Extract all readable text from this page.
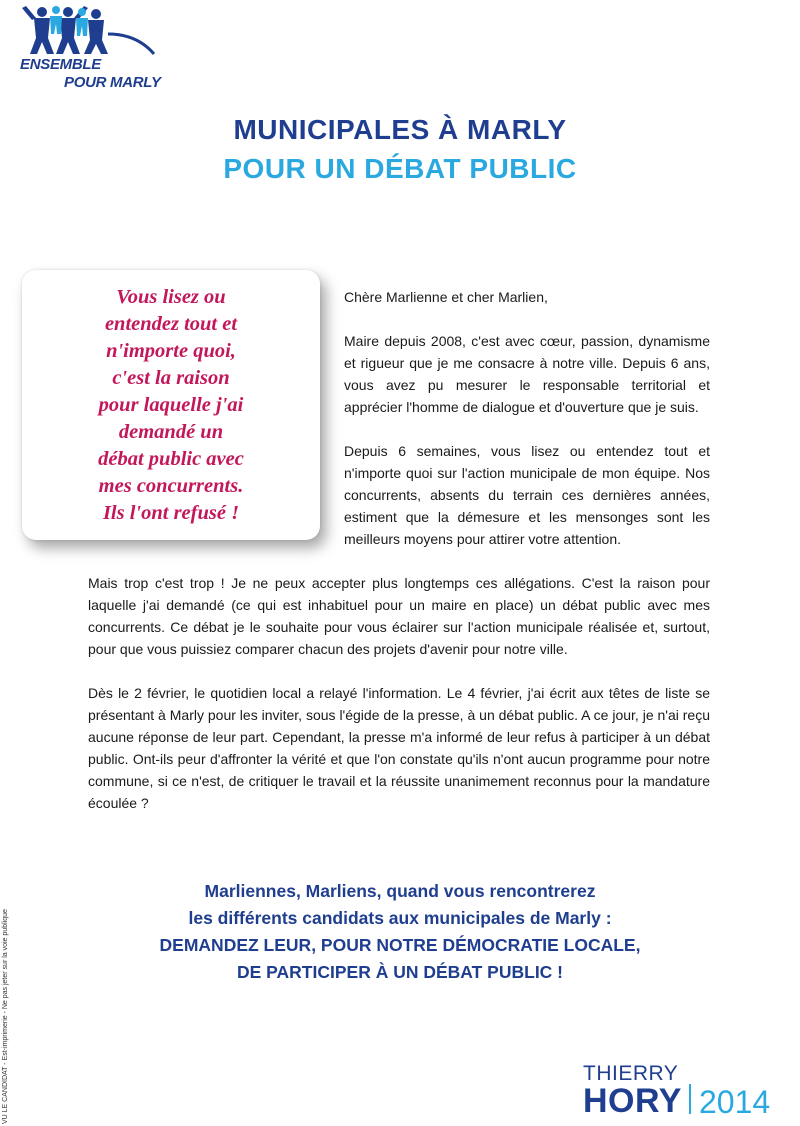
ENSEMBLE
POUR MARLY
MUNICIPALES À MARLY
POUR UN DÉBAT PUBLIC

Vous lisez ou
entendez tout et
n'importe quoi,
c'est la raison
pour laquelle j'ai
demandé un
débat public avec
mes concurrents.
Ils l'ont refusé !

Chère Marlienne et cher Marlien,

Maire depuis 2008, c'est avec cœur, passion, dynamisme et rigueur que je me consacre à notre ville. Depuis 6 ans, vous avez pu mesurer le responsable territorial et apprécier l'homme de dialogue et d'ouverture que je suis.

Depuis 6 semaines, vous lisez ou entendez tout et n'importe quoi sur l'action municipale de mon équipe. Nos concurrents, absents du terrain ces dernières années, estiment que la démesure et les mensonges sont les meilleurs moyens pour attirer votre attention.

Mais trop c'est trop ! Je ne peux accepter plus longtemps ces allégations. C'est la raison pour laquelle j'ai demandé (ce qui est inhabituel pour un maire en place) un débat public avec mes concurrents. Ce débat je le souhaite pour vous éclairer sur l'action municipale réalisée et, surtout, pour que vous puissiez comparer chacun des projets d'avenir pour notre ville.

Dès le 2 février, le quotidien local a relayé l'information. Le 4 février, j'ai écrit aux têtes de liste se présentant à Marly pour les inviter, sous l'égide de la presse, à un débat public. A ce jour, je n'ai reçu aucune réponse de leur part. Cependant, la presse m'a informé de leur refus à participer à un débat public. Ont-ils peur d'affronter la vérité et que l'on constate qu'ils n'ont aucun programme pour notre commune, si ce n'est, de critiquer le travail et la réussite unanimement reconnus pour la mandature écoulée ?

Marliennes, Marliens, quand vous rencontrerez
les différents candidats aux municipales de Marly :
DEMANDEZ LEUR, POUR NOTRE DÉMOCRATIE LOCALE,
DE PARTICIPER À UN DÉBAT PUBLIC !
VU LE CANDIDAT - Est-imprimerie - Ne pas jeter sur la voie publique	THIERRY
HORY 2014
